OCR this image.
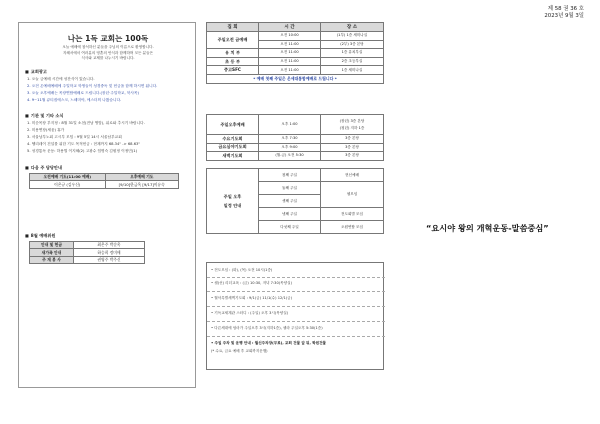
제 58 권 36 호
2023년 9월 3일
나는 1독 교회는 100독
오늘 예배에 참석하신 분들을 주님의 이름으로 환영합니다.
지혜서에서 여러분의 영혼의 안식과 함께하며 모든 분들은
식사와 교제를 나누시기 바랍니다.
■ 교회광고
1. 오늘 금예배 시간에 성찬식이 있습니다.
2. 오전 온예배예배에 주일학교 학생들이 성경중독 및 헌금을 함께 하시면 됩니다.
3. 오늘 오후예배는 목장연합예배로 드립니다.(장년·주일학교, 북사목)
4. 9~11월 큐티집에스크, 느헤미야, 에스더의 나왔습니다.
■ 기관 및 기타 소식
1. 미순목장 부지정 : 8월 31일 소천(전남 영암), 위로와 추시기 바랍니다.
2. 미용연장(세움) 휴가
3. 서울남부노회 고시부 모임 : 9월 5일 14시 서울남부교회
4. 헬리데이 건설를 위한 기도 목적헌금 : 현재까지 68.34" -> 68.63"
5. 성경통독 운동: 하용열 이지혜(2) 고광수 임명숙 김원정 이정민(1)
■ 다음 주 담당안내
오전예배 기도(11:00 예배)	오후예배 기도
이은규 (김우신)	[9/10]한금옥 [9/17]이유숙
■ 8월 예배위원
안내 및 헌금	최은주 박순옥
새가족 안내	하승희 정미애
주 재 봉 사	권영주 박주신
집 회	시 간	장 소
주일오전 금예배	오전 10:00	(1부) 1층 세미나실
	오전 11:00	(2부) 3층 본당
유 치 부	오전 11:00	1층 유치부실
초 등 부	오전 11:00	2층 초등부실
중고SFC	오전 11:00	1층 세미나실
* 예배 첫째 주일은 온세대통합예배로 드립니다 *		
주일오후예배	오후 1:00	(장년) 3층 본당
(청년) 지하 1층

수요기도회	오후 7:30	3층 본당
금요심야기도회	오후 9:00	3층 본당
새벽기도회	(월-금) 오전 5:30	3층 본당
주일 오후
일정 안내	첫째 주일	현신예배
	둘째 주일	셀모임
	셋째 주일	
	넷째 주일	전도회별 모임
	다섯째 주일	오원연합 모임
• 전도모임 : (화), (목) 오전 10시(1층)
• 셀(선) 리더교육 : (금) 10:30, 저녁 7:30(목양실)
• 월삭특별새벽기도회 : 9/1(금) 11/1(수) 12/1(금)
• 기독교세계관 스터디 : (주일) 오후 3시(목양실)
• 다른세대에 엄마가 주일오후 3시(지하1층), 셀라 주일오후 5:30(1층)
• 주일 주차 및 운행 안내 : 월신주차장(무료), 교회 건물 앞 뒤, 학원건물
(* 수요, 금요 예배 후 교회까지운행)
“요시야 왕의 개혁운동-말씀중심”
